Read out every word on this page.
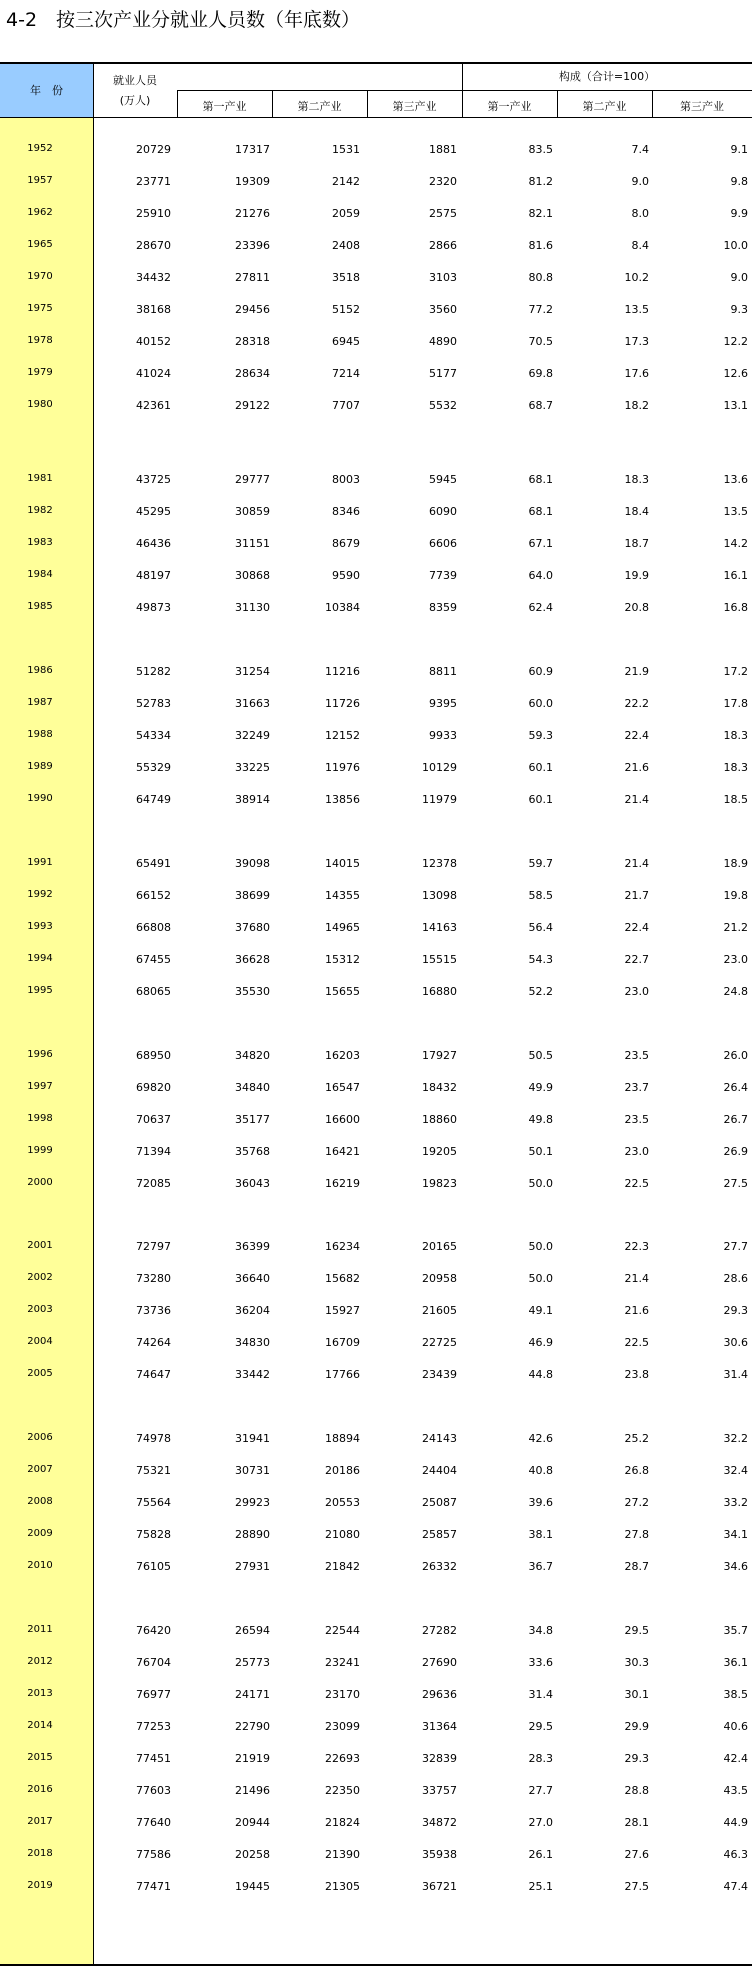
4-2　按三次产业分就业人员数（年底数）
年　份
就业人员
(万人)
构成（合计=100）
第一产业	第二产业	第三产业	第一产业	第二产业	第三产业
1952	20729	17317	1531	1881	83.5	7.4	9.1
1957	23771	19309	2142	2320	81.2	9.0	9.8
1962	25910	21276	2059	2575	82.1	8.0	9.9
1965	28670	23396	2408	2866	81.6	8.4	10.0
1970	34432	27811	3518	3103	80.8	10.2	9.0
1975	38168	29456	5152	3560	77.2	13.5	9.3
1978	40152	28318	6945	4890	70.5	17.3	12.2
1979	41024	28634	7214	5177	69.8	17.6	12.6
1980	42361	29122	7707	5532	68.7	18.2	13.1
1981	43725	29777	8003	5945	68.1	18.3	13.6
1982	45295	30859	8346	6090	68.1	18.4	13.5
1983	46436	31151	8679	6606	67.1	18.7	14.2
1984	48197	30868	9590	7739	64.0	19.9	16.1
1985	49873	31130	10384	8359	62.4	20.8	16.8
1986	51282	31254	11216	8811	60.9	21.9	17.2
1987	52783	31663	11726	9395	60.0	22.2	17.8
1988	54334	32249	12152	9933	59.3	22.4	18.3
1989	55329	33225	11976	10129	60.1	21.6	18.3
1990	64749	38914	13856	11979	60.1	21.4	18.5
1991	65491	39098	14015	12378	59.7	21.4	18.9
1992	66152	38699	14355	13098	58.5	21.7	19.8
1993	66808	37680	14965	14163	56.4	22.4	21.2
1994	67455	36628	15312	15515	54.3	22.7	23.0
1995	68065	35530	15655	16880	52.2	23.0	24.8
1996	68950	34820	16203	17927	50.5	23.5	26.0
1997	69820	34840	16547	18432	49.9	23.7	26.4
1998	70637	35177	16600	18860	49.8	23.5	26.7
1999	71394	35768	16421	19205	50.1	23.0	26.9
2000	72085	36043	16219	19823	50.0	22.5	27.5
2001	72797	36399	16234	20165	50.0	22.3	27.7
2002	73280	36640	15682	20958	50.0	21.4	28.6
2003	73736	36204	15927	21605	49.1	21.6	29.3
2004	74264	34830	16709	22725	46.9	22.5	30.6
2005	74647	33442	17766	23439	44.8	23.8	31.4
2006	74978	31941	18894	24143	42.6	25.2	32.2
2007	75321	30731	20186	24404	40.8	26.8	32.4
2008	75564	29923	20553	25087	39.6	27.2	33.2
2009	75828	28890	21080	25857	38.1	27.8	34.1
2010	76105	27931	21842	26332	36.7	28.7	34.6
2011	76420	26594	22544	27282	34.8	29.5	35.7
2012	76704	25773	23241	27690	33.6	30.3	36.1
2013	76977	24171	23170	29636	31.4	30.1	38.5
2014	77253	22790	23099	31364	29.5	29.9	40.6
2015	77451	21919	22693	32839	28.3	29.3	42.4
2016	77603	21496	22350	33757	27.7	28.8	43.5
2017	77640	20944	21824	34872	27.0	28.1	44.9
2018	77586	20258	21390	35938	26.1	27.6	46.3
2019	77471	19445	21305	36721	25.1	27.5	47.4
